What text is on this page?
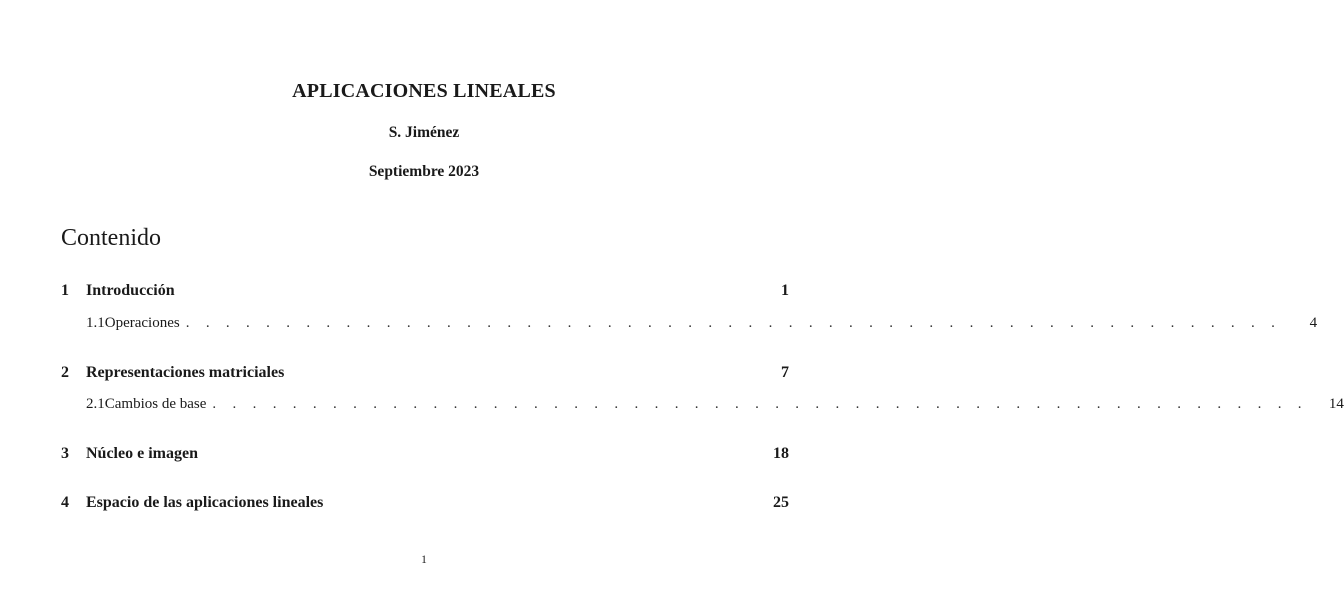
APLICACIONES LINEALES
S. Jiménez
Septiembre 2023
Contenido
1	Introducción	1
1.1 Operaciones . . . . . . . . . . . . . . . . . . . . . . . . . . . . . . . . . . . . . . . . . . . . . . . . . . . . . . .	4
2	Representaciones matriciales	7
2.1 Cambios de base . . . . . . . . . . . . . . . . . . . . . . . . . . . . . . . . . . . . . . . . . . . . . . . . . . . . . . .	14
3	Núcleo e imagen	18
4	Espacio de las aplicaciones lineales	25
1
